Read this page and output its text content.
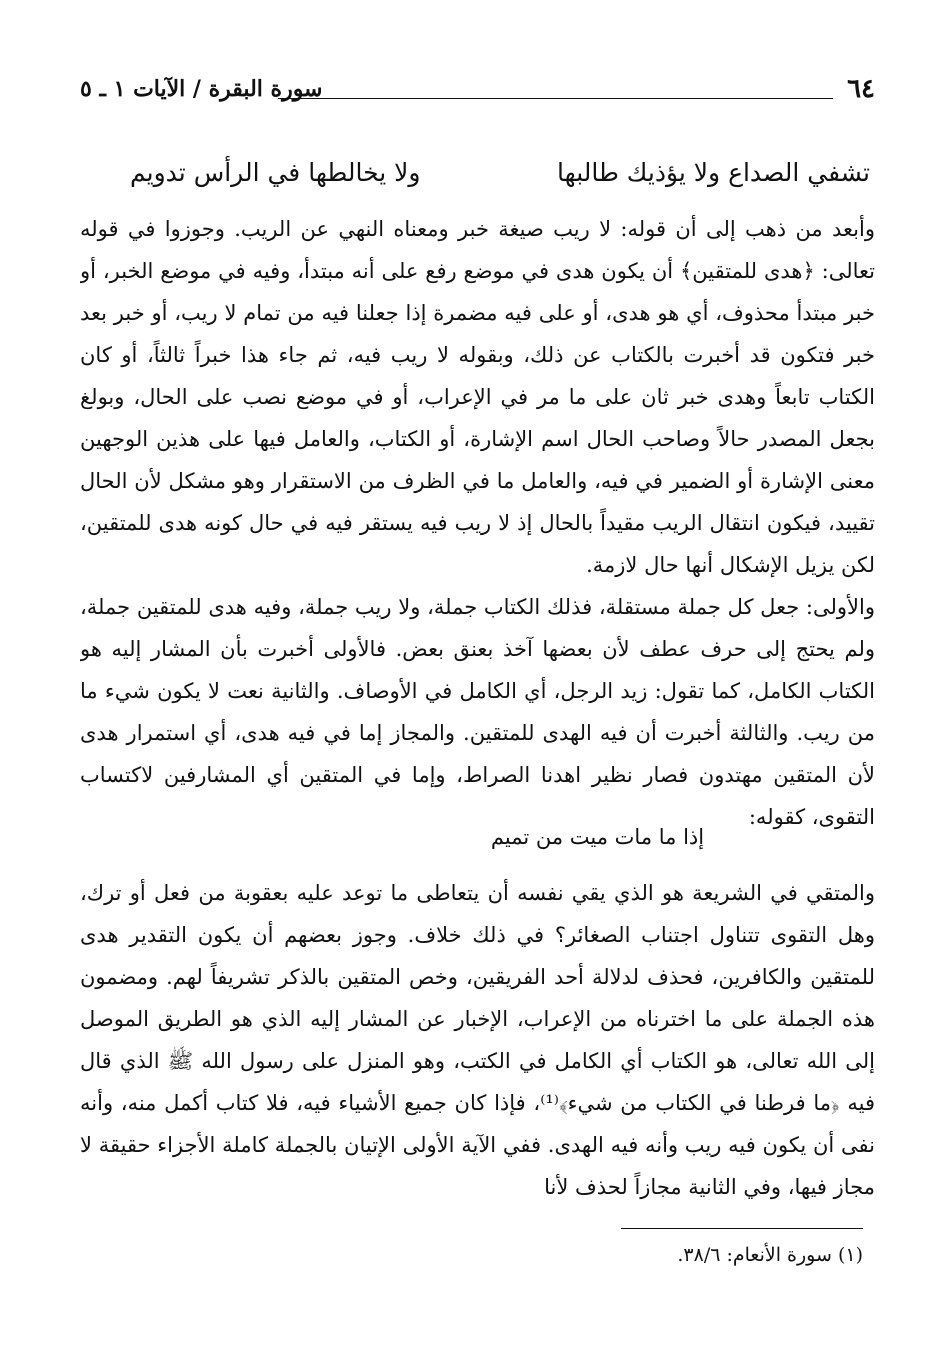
٦٤
سورة البقرة / الآيات ١ ـ ٥
تشفي الصداع ولا يؤذيك طالبها
ولا يخالطها في الرأس تدويم

وأبعد من ذهب إلى أن قوله: لا ريب صيغة خبر ومعناه النهي عن الريب. وجوزوا في قوله تعالى: ﴿هدى للمتقين﴾ أن يكون هدى في موضع رفع على أنه مبتدأ، وفيه في موضع الخبر، أو خبر مبتدأ محذوف، أي هو هدى، أو على فيه مضمرة إذا جعلنا فيه من تمام لا ريب، أو خبر بعد خبر فتكون قد أخبرت بالكتاب عن ذلك، وبقوله لا ريب فيه، ثم جاء هذا خبراً ثالثاً، أو كان الكتاب تابعاً وهدى خبر ثان على ما مر في الإعراب، أو في موضع نصب على الحال، وبولغ بجعل المصدر حالاً وصاحب الحال اسم الإشارة، أو الكتاب، والعامل فيها على هذين الوجهين معنى الإشارة أو الضمير في فيه، والعامل ما في الظرف من الاستقرار وهو مشكل لأن الحال تقييد، فيكون انتقال الريب مقيداً بالحال إذ لا ريب فيه يستقر فيه في حال كونه هدى للمتقين، لكن يزيل الإشكال أنها حال لازمة.

والأولى: جعل كل جملة مستقلة، فذلك الكتاب جملة، ولا ريب جملة، وفيه هدى للمتقين جملة، ولم يحتج إلى حرف عطف لأن بعضها آخذ بعنق بعض. فالأولى أخبرت بأن المشار إليه هو الكتاب الكامل، كما تقول: زيد الرجل، أي الكامل في الأوصاف. والثانية نعت لا يكون شيء ما من ريب. والثالثة أخبرت أن فيه الهدى للمتقين. والمجاز إما في فيه هدى، أي استمرار هدى لأن المتقين مهتدون فصار نظير اهدنا الصراط، وإما في المتقين أي المشارفين لاكتساب التقوى، كقوله:

إذا ما مات ميت من تميم

والمتقي في الشريعة هو الذي يقي نفسه أن يتعاطى ما توعد عليه بعقوبة من فعل أو ترك، وهل التقوى تتناول اجتناب الصغائر؟ في ذلك خلاف. وجوز بعضهم أن يكون التقدير هدى للمتقين والكافرين، فحذف لدلالة أحد الفريقين، وخص المتقين بالذكر تشريفاً لهم. ومضمون هذه الجملة على ما اخترناه من الإعراب، الإخبار عن المشار إليه الذي هو الطريق الموصل إلى الله تعالى، هو الكتاب أي الكامل في الكتب، وهو المنزل على رسول الله ﷺ الذي قال فيه ﴿ما فرطنا في الكتاب من شيء﴾⁽¹⁾، فإذا كان جميع الأشياء فيه، فلا كتاب أكمل منه، وأنه نفى أن يكون فيه ريب وأنه فيه الهدى. ففي الآية الأولى الإتيان بالجملة كاملة الأجزاء حقيقة لا مجاز فيها، وفي الثانية مجازاً لحذف لأنا

(١) سورة الأنعام: ٣٨/٦.
